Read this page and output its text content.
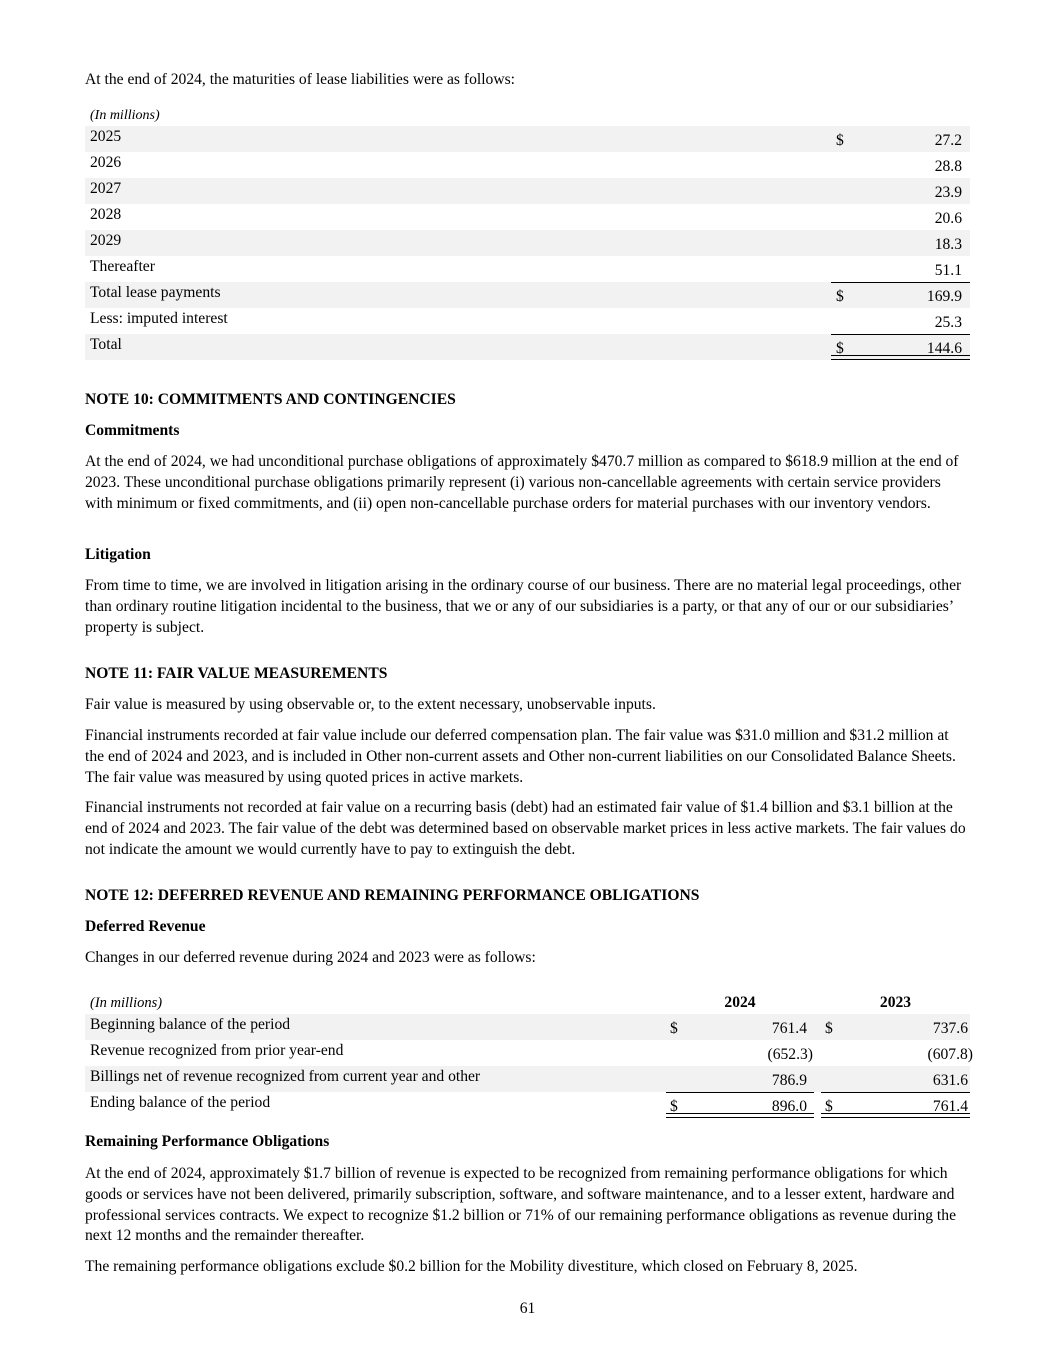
At the end of 2024, the maturities of lease liabilities were as follows:

(In millions)
2025	$	27.2
2026	28.8
2027	23.9
2028	20.6
2029	18.3
Thereafter	51.1
Total lease payments	$	169.9
Less: imputed interest	25.3
Total	$	144.6
NOTE 10: COMMITMENTS AND CONTINGENCIES
Commitments

At the end of 2024, we had unconditional purchase obligations of approximately $470.7 million as compared to $618.9 million at the end of 2023. These unconditional purchase obligations primarily represent (i) various non-cancellable agreements with certain service providers with minimum or fixed commitments, and (ii) open non-cancellable purchase orders for material purchases with our inventory vendors.

Litigation

From time to time, we are involved in litigation arising in the ordinary course of our business. There are no material legal proceedings, other than ordinary routine litigation incidental to the business, that we or any of our subsidiaries is a party, or that any of our or our subsidiaries’ property is subject.

NOTE 11: FAIR VALUE MEASUREMENTS

Fair value is measured by using observable or, to the extent necessary, unobservable inputs.

Financial instruments recorded at fair value include our deferred compensation plan. The fair value was $31.0 million and $31.2 million at the end of 2024 and 2023, and is included in Other non-current assets and Other non-current liabilities on our Consolidated Balance Sheets. The fair value was measured by using quoted prices in active markets.

Financial instruments not recorded at fair value on a recurring basis (debt) had an estimated fair value of $1.4 billion and $3.1 billion at the end of 2024 and 2023. The fair value of the debt was determined based on observable market prices in less active markets. The fair values do not indicate the amount we would currently have to pay to extinguish the debt.

NOTE 12: DEFERRED REVENUE AND REMAINING PERFORMANCE OBLIGATIONS
Deferred Revenue

Changes in our deferred revenue during 2024 and 2023 were as follows:

(In millions)	2024	2023
Beginning balance of the period	$	761.4 $	737.6
Revenue recognized from prior year-end	(652.3)	(607.8)
Billings net of revenue recognized from current year and other	786.9	631.6
Ending balance of the period	$	896.0 $	761.4
Remaining Performance Obligations

At the end of 2024, approximately $1.7 billion of revenue is expected to be recognized from remaining performance obligations for which goods or services have not been delivered, primarily subscription, software, and software maintenance, and to a lesser extent, hardware and professional services contracts. We expect to recognize $1.2 billion or 71% of our remaining performance obligations as revenue during the next 12 months and the remainder thereafter.

The remaining performance obligations exclude $0.2 billion for the Mobility divestiture, which closed on February 8, 2025.

61
